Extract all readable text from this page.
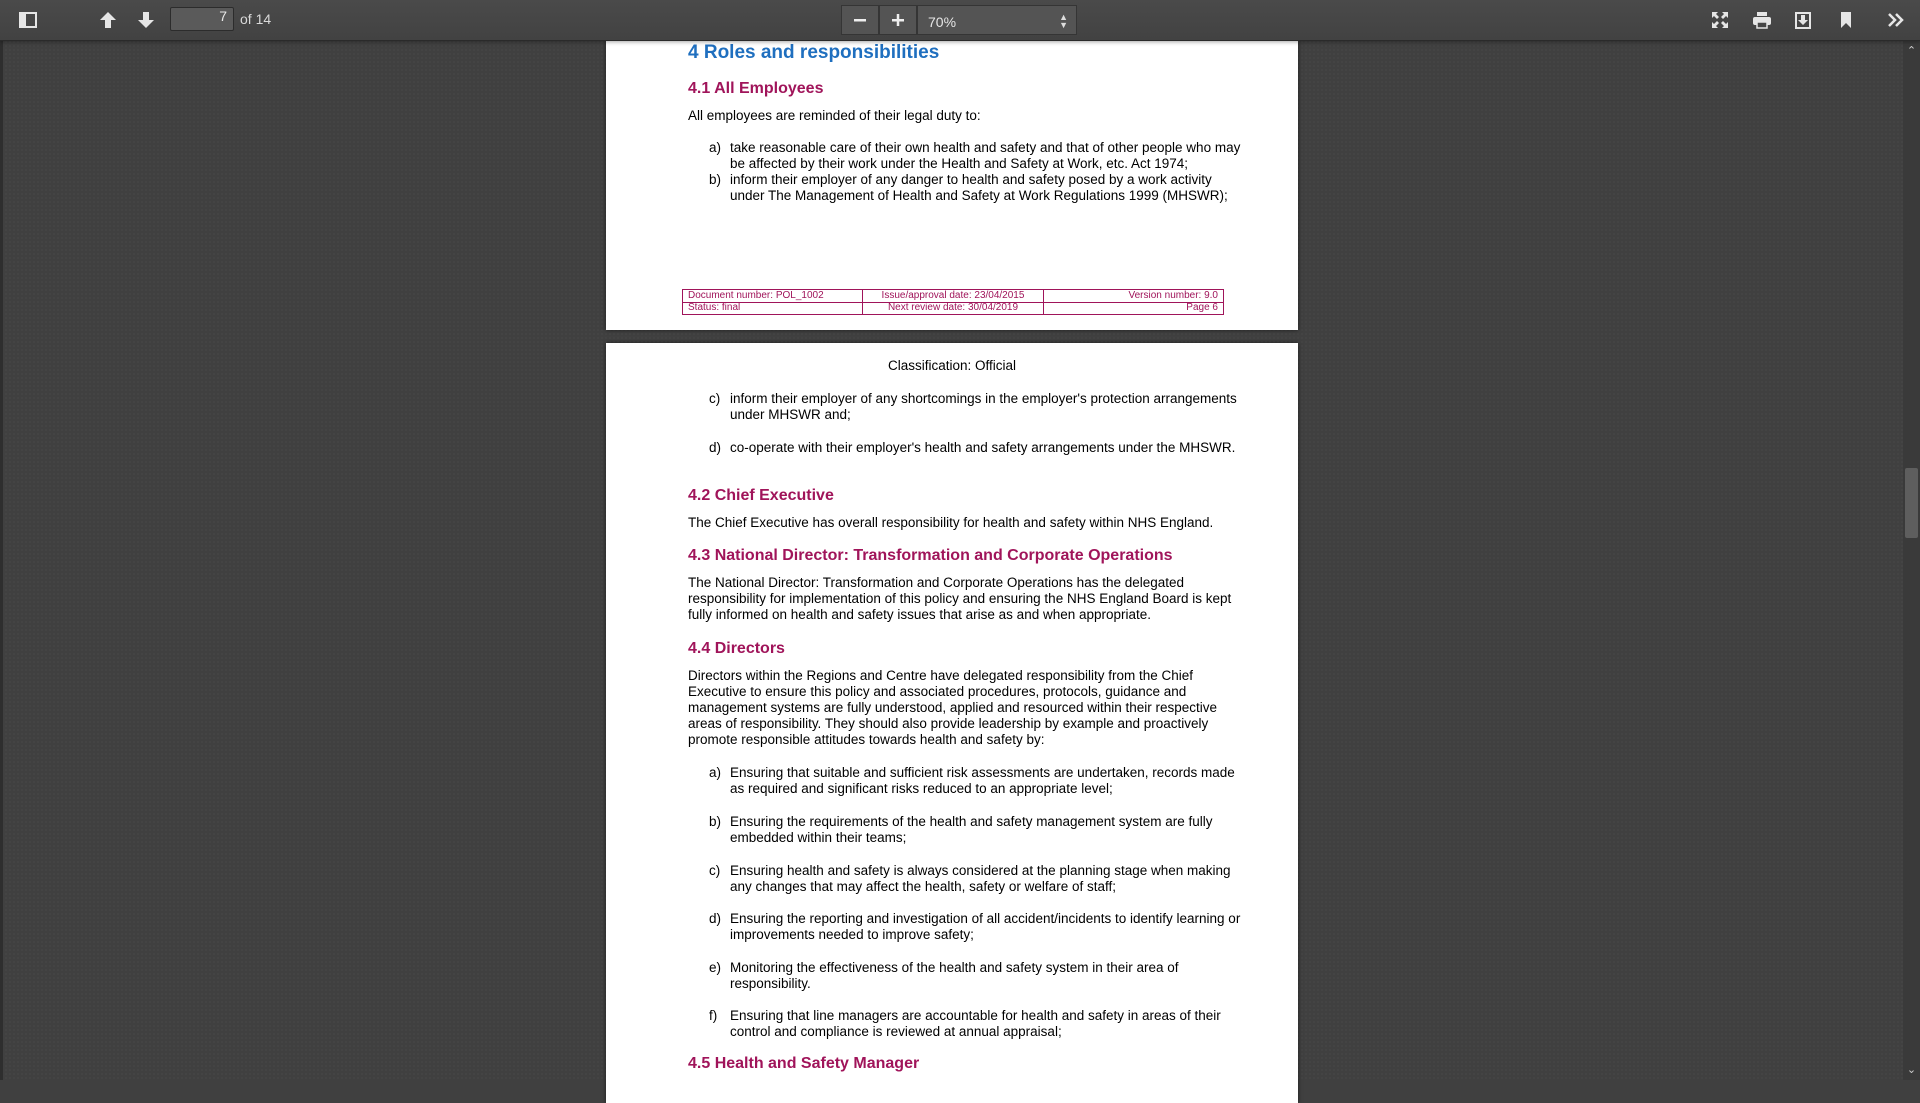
7 of 14	70%	▲
▼
4 Roles and responsibilities
4.1 All Employees
All employees are reminded of their legal duty to:
a) take reasonable care of their own health and safety and that of other people who may be affected by their work under the Health and Safety at Work, etc. Act 1974;
b) inform their employer of any danger to health and safety posed by a work activity under The Management of Health and Safety at Work Regulations 1999 (MHSWR);
Document number: POL_1002
Status: final
Issue/approval date: 23/04/2015
Next review date: 30/04/2019
Version number: 9.0
Page 6
Classification: Official
c) inform their employer of any shortcomings in the employer's protection arrangements under MHSWR and;
d) co-operate with their employer's health and safety arrangements under the MHSWR.
4.2 Chief Executive
The Chief Executive has overall responsibility for health and safety within NHS England.
4.3 National Director: Transformation and Corporate Operations
The National Director: Transformation and Corporate Operations has the delegated responsibility for implementation of this policy and ensuring the NHS England Board is kept fully informed on health and safety issues that arise as and when appropriate.
4.4 Directors
Directors within the Regions and Centre have delegated responsibility from the Chief Executive to ensure this policy and associated procedures, protocols, guidance and management systems are fully understood, applied and resourced within their respective areas of responsibility. They should also provide leadership by example and proactively promote responsible attitudes towards health and safety by:
a) Ensuring that suitable and sufficient risk assessments are undertaken, records made as required and significant risks reduced to an appropriate level;
b) Ensuring the requirements of the health and safety management system are fully embedded within their teams;
c) Ensuring health and safety is always considered at the planning stage when making any changes that may affect the health, safety or welfare of staff;
d) Ensuring the reporting and investigation of all accident/incidents to identify learning or improvements needed to improve safety;
e) Monitoring the effectiveness of the health and safety system in their area of responsibility.
f) Ensuring that line managers are accountable for health and safety in areas of their control and compliance is reviewed at annual appraisal;
4.5 Health and Safety Manager
⌃
⌄
